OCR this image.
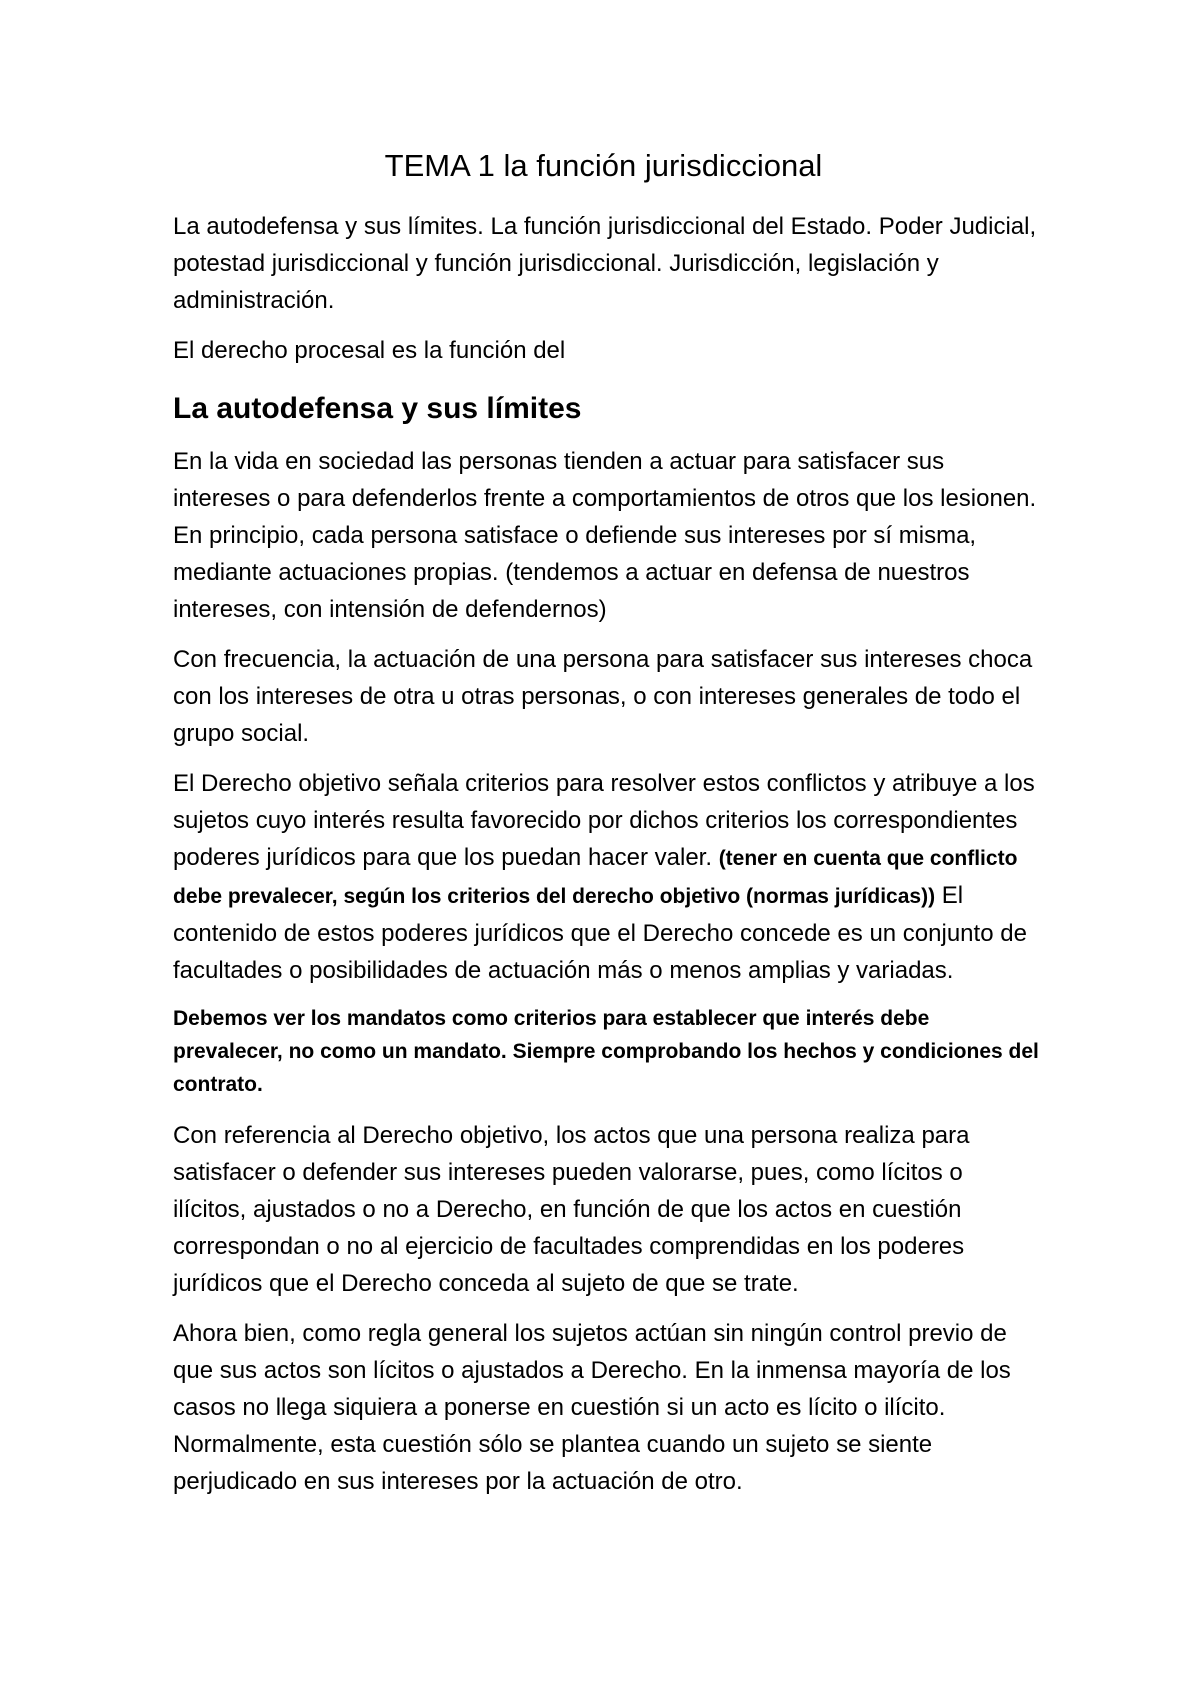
TEMA 1 la función jurisdiccional

La autodefensa y sus límites. La función jurisdiccional del Estado. Poder Judicial, potestad jurisdiccional y función jurisdiccional. Jurisdicción, legislación y administración.

El derecho procesal es la función del

La autodefensa y sus límites

En la vida en sociedad las personas tienden a actuar para satisfacer sus intereses o para defenderlos frente a comportamientos de otros que los lesionen. En principio, cada persona satisface o defiende sus intereses por sí misma, mediante actuaciones propias. (tendemos a actuar en defensa de nuestros intereses, con intensión de defendernos)

Con frecuencia, la actuación de una persona para satisfacer sus intereses choca con los intereses de otra u otras personas, o con intereses generales de todo el grupo social.

El Derecho objetivo señala criterios para resolver estos conflictos y atribuye a los sujetos cuyo interés resulta favorecido por dichos criterios los correspondientes poderes jurídicos para que los puedan hacer valer. (tener en cuenta que conflicto debe prevalecer, según los criterios del derecho objetivo (normas jurídicas)) El contenido de estos poderes jurídicos que el Derecho concede es un conjunto de facultades o posibilidades de actuación más o menos amplias y variadas.

Debemos ver los mandatos como criterios para establecer que interés debe prevalecer, no como un mandato. Siempre comprobando los hechos y condiciones del contrato.

Con referencia al Derecho objetivo, los actos que una persona realiza para satisfacer o defender sus intereses pueden valorarse, pues, como lícitos o ilícitos, ajustados o no a Derecho, en función de que los actos en cuestión correspondan o no al ejercicio de facultades comprendidas en los poderes jurídicos que el Derecho conceda al sujeto de que se trate.

Ahora bien, como regla general los sujetos actúan sin ningún control previo de que sus actos son lícitos o ajustados a Derecho. En la inmensa mayoría de los casos no llega siquiera a ponerse en cuestión si un acto es lícito o ilícito. Normalmente, esta cuestión sólo se plantea cuando un sujeto se siente perjudicado en sus intereses por la actuación de otro.
